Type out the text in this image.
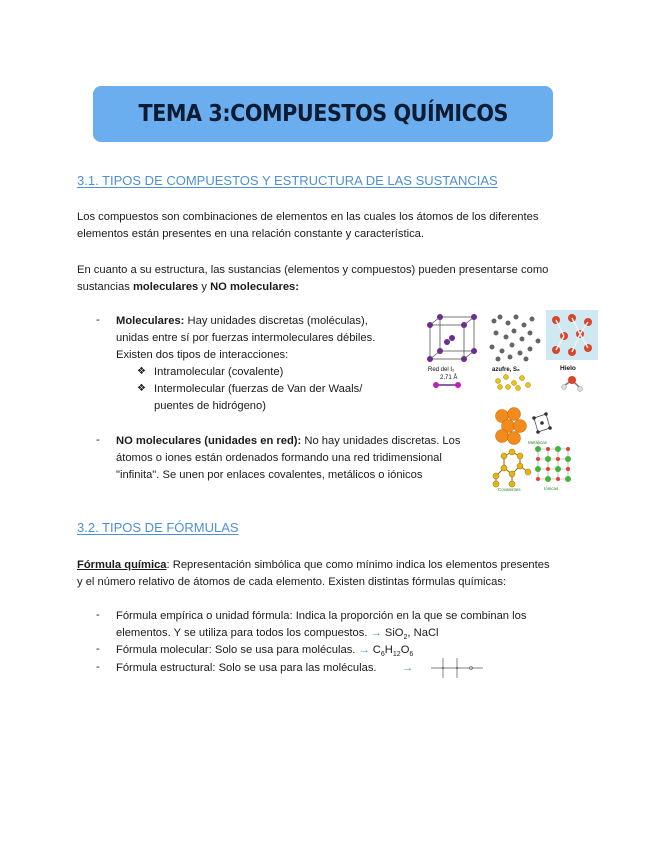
TEMA 3:COMPUESTOS QUÍMICOS
3.1. TIPOS DE COMPUESTOS Y ESTRUCTURA DE LAS SUSTANCIAS

Los compuestos son combinaciones de elementos en las cuales los átomos de los diferentes

elementos están presentes en una relación constante y característica.

En cuanto a su estructura, las sustancias (elementos y compuestos) pueden presentarse como

sustancias moleculares y NO moleculares:

- Moleculares: Hay unidades discretas (moléculas),
unidas entre sí por fuerzas intermoleculares débiles.
Existen dos tipos de interacciones:
❖ Intramolecular (covalente)
❖ Intermolecular (fuerzas de Van der Waals/
puentes de hidrógeno)
- NO moleculares (unidades en red): No hay unidades discretas. Los
átomos o iones están ordenados formando una red tridimensional
"infinita". Se unen por enlaces covalentes, metálicos o iónicos
Red del I₂
2,71 Å
azufre, S₈	Hielo
Metálicas
Covalentes	Iónicas
3.2. TIPOS DE FÓRMULAS

Fórmula química: Representación simbólica que como mínimo indica los elementos presentes

y el número relativo de átomos de cada elemento. Existen distintas fórmulas químicas:

- Fórmula empírica o unidad fórmula: Indica la proporción en la que se combinan los
elementos. Y se utiliza para todos los compuestos. → SiO$_2$, NaCl
- Fórmula molecular: Solo se usa para moléculas. → $C_6H_{12}O_6$
- Fórmula estructural: Solo se usa para las moléculas. →
